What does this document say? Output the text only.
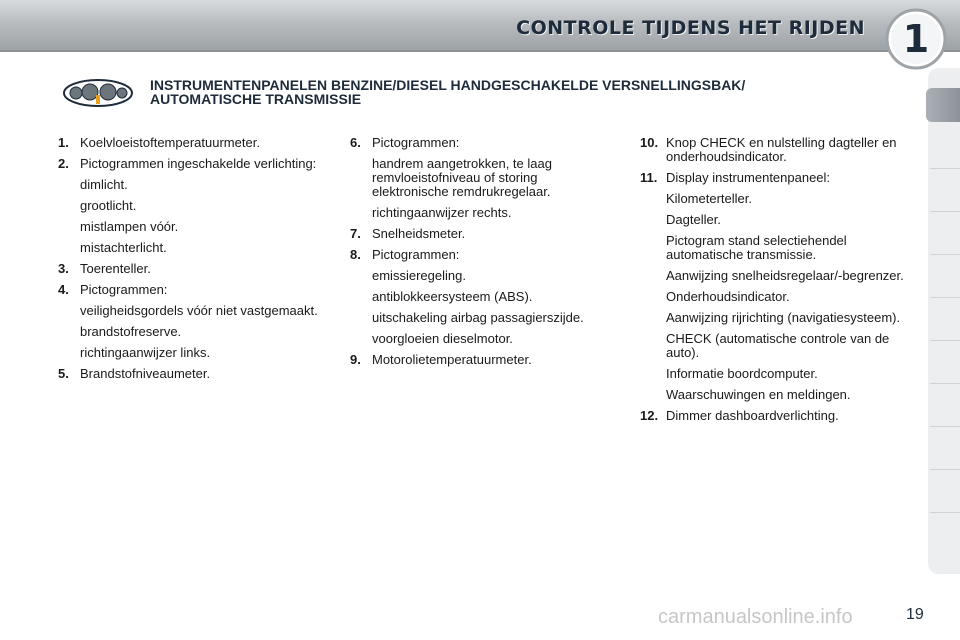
CONTROLE TIJDENS HET RIJDEN 1
INSTRUMENTENPANELEN BENZINE/DIESEL HANDGESCHAKELDE VERSNELLINGSBAK/
AUTOMATISCHE TRANSMISSIE
1. Koelvloeistoftemperatuurmeter.
2. Pictogrammen ingeschakelde verlichting:
dimlicht.
grootlicht.
mistlampen vóór.
mistachterlicht.
3. Toerenteller.
4. Pictogrammen:
veiligheidsgordels vóór niet vastgemaakt.
brandstofreserve.
richtingaanwijzer links.
5. Brandstofniveaumeter.
6. Pictogrammen:
handrem aangetrokken, te laag remvloeistofniveau of storing elektronische remdrukregelaar.
richtingaanwijzer rechts.
7. Snelheidsmeter.
8. Pictogrammen:
emissieregeling.
antiblokkeersysteem (ABS).
uitschakeling airbag passagierszijde.
voorgloeien dieselmotor.
9. Motorolietemperatuurmeter.
10. Knop CHECK en nulstelling dagteller en onderhoudsindicator.
11. Display instrumentenpaneel:
Kilometerteller.
Dagteller.
Pictogram stand selectiehendel automatische transmissie.
Aanwijzing snelheidsregelaar/-begrenzer.
Onderhoudsindicator.
Aanwijzing rijrichting (navigatiesysteem).
CHECK (automatische controle van de auto).
Informatie boordcomputer.
Waarschuwingen en meldingen.
12. Dimmer dashboardverlichting.
carmanualsonline.info	19
